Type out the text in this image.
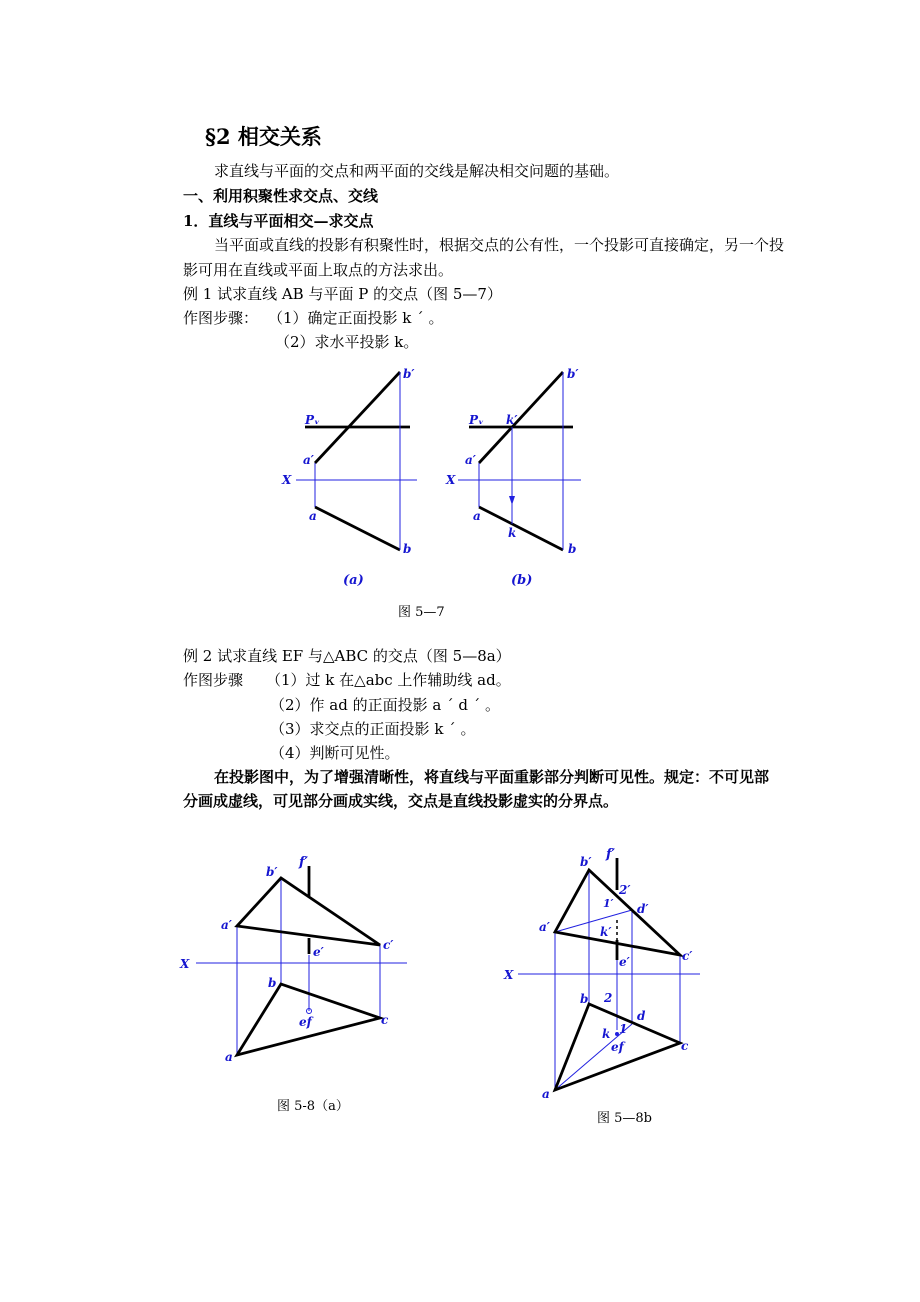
§2 相交关系
求直线与平面的交点和两平面的交线是解决相交问题的基础。
一、利用积聚性求交点、交线
1．直线与平面相交—求交点
当平面或直线的投影有积聚性时，根据交点的公有性，一个投影可直接确定，另一个投
影可用在直线或平面上取点的方法求出。
例 1 试求直线 AB 与平面 P 的交点（图 5—7）
作图步骤： （1）确定正面投影 k ´ 。
（2）求水平投影 k。
b′
Pᵥ
a′
X
a
b
(a)
b′
Pᵥ k′
a′
X
a
k
b
(b)
图 5—7
例 2 试求直线 EF 与△ABC 的交点（图 5—8a）
作图步骤 （1）过 k 在△abc 上作辅助线 ad。
（2）作 ad 的正面投影 a ´ d ´ 。
（3）求交点的正面投影 k ´ 。
（4）判断可见性。
在投影图中，为了增强清晰性，将直线与平面重影部分判断可见性。规定：不可见部
分画成虚线，可见部分画成实线，交点是直线投影虚实的分界点。
b′
f′
a′
c′
e′
X
b
ef	c
a
图 5-8（a）
f′
b′
2′
1′ d′
a′	k′
c′
e′
X
b 2
d
k 1
ef	c
a
图 5—8b
